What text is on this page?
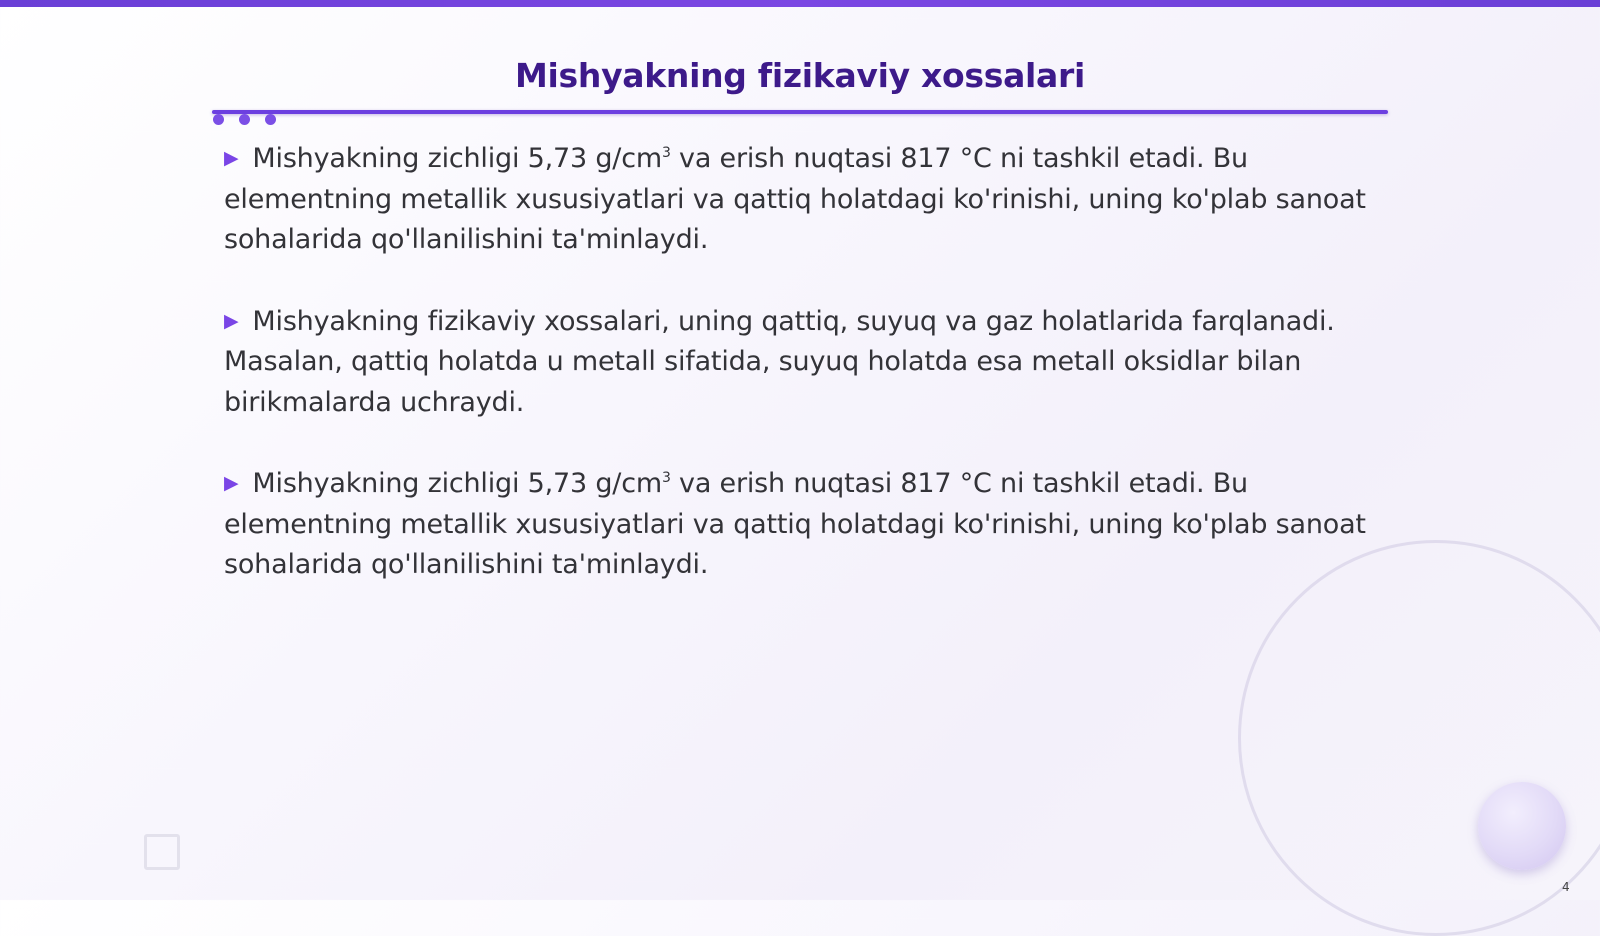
Mishyakning fizikaviy xossalari

▶ Mishyakning zichligi 5,73 $g/cm^3$ va erish nuqtasi 817 °C ni tashkil etadi. Bu elementning metallik xususiyatlari va qattiq holatdagi ko'rinishi, uning ko'plab sanoat sohalarida qo'llanilishini ta'minlaydi.

▶ Mishyakning fizikaviy xossalari, uning qattiq, suyuq va gaz holatlarida farqlanadi. Masalan, qattiq holatda u metall sifatida, suyuq holatda esa metall oksidlar bilan birikmalarda uchraydi.

▶ Mishyakning zichligi 5,73 $g/cm^3$ va erish nuqtasi 817 °C ni tashkil etadi. Bu elementning metallik xususiyatlari va qattiq holatdagi ko'rinishi, uning ko'plab sanoat sohalarida qo'llanilishini ta'minlaydi.

4
